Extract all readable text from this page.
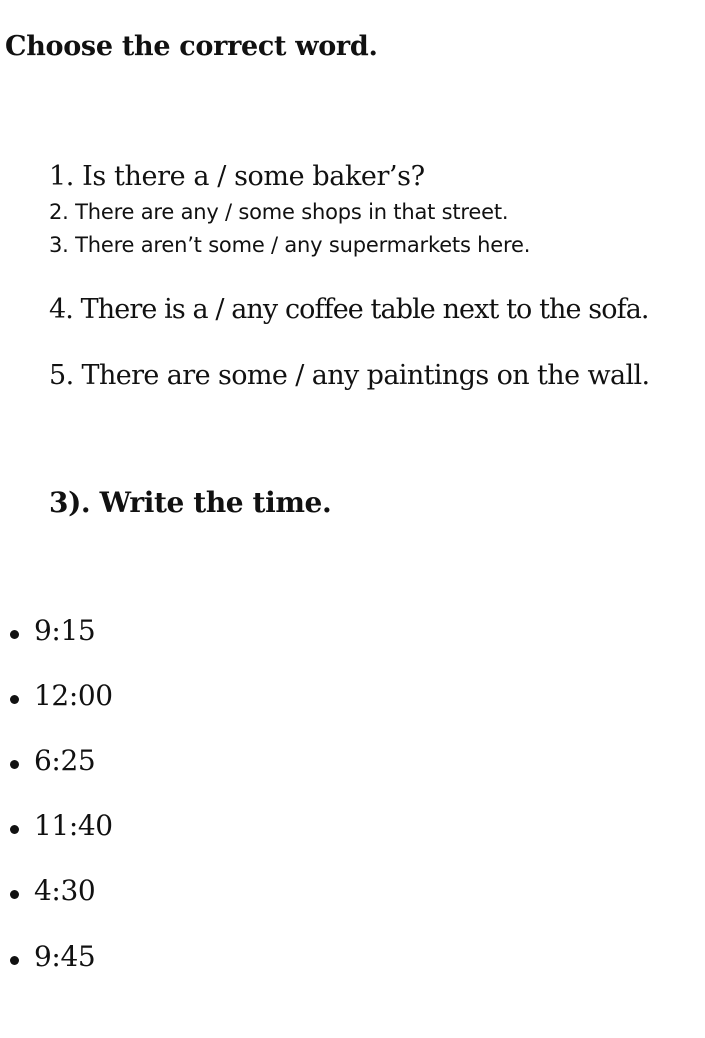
Choose the correct word.

1. Is there a / some baker’s?

2. There are any / some shops in that street.

3. There aren’t some / any supermarkets here.

4. There is a / any coffee table next to the sofa.

5. There are some / any paintings on the wall.

3). Write the time.
9:15
12:00
6:25
11:40
4:30
9:45
